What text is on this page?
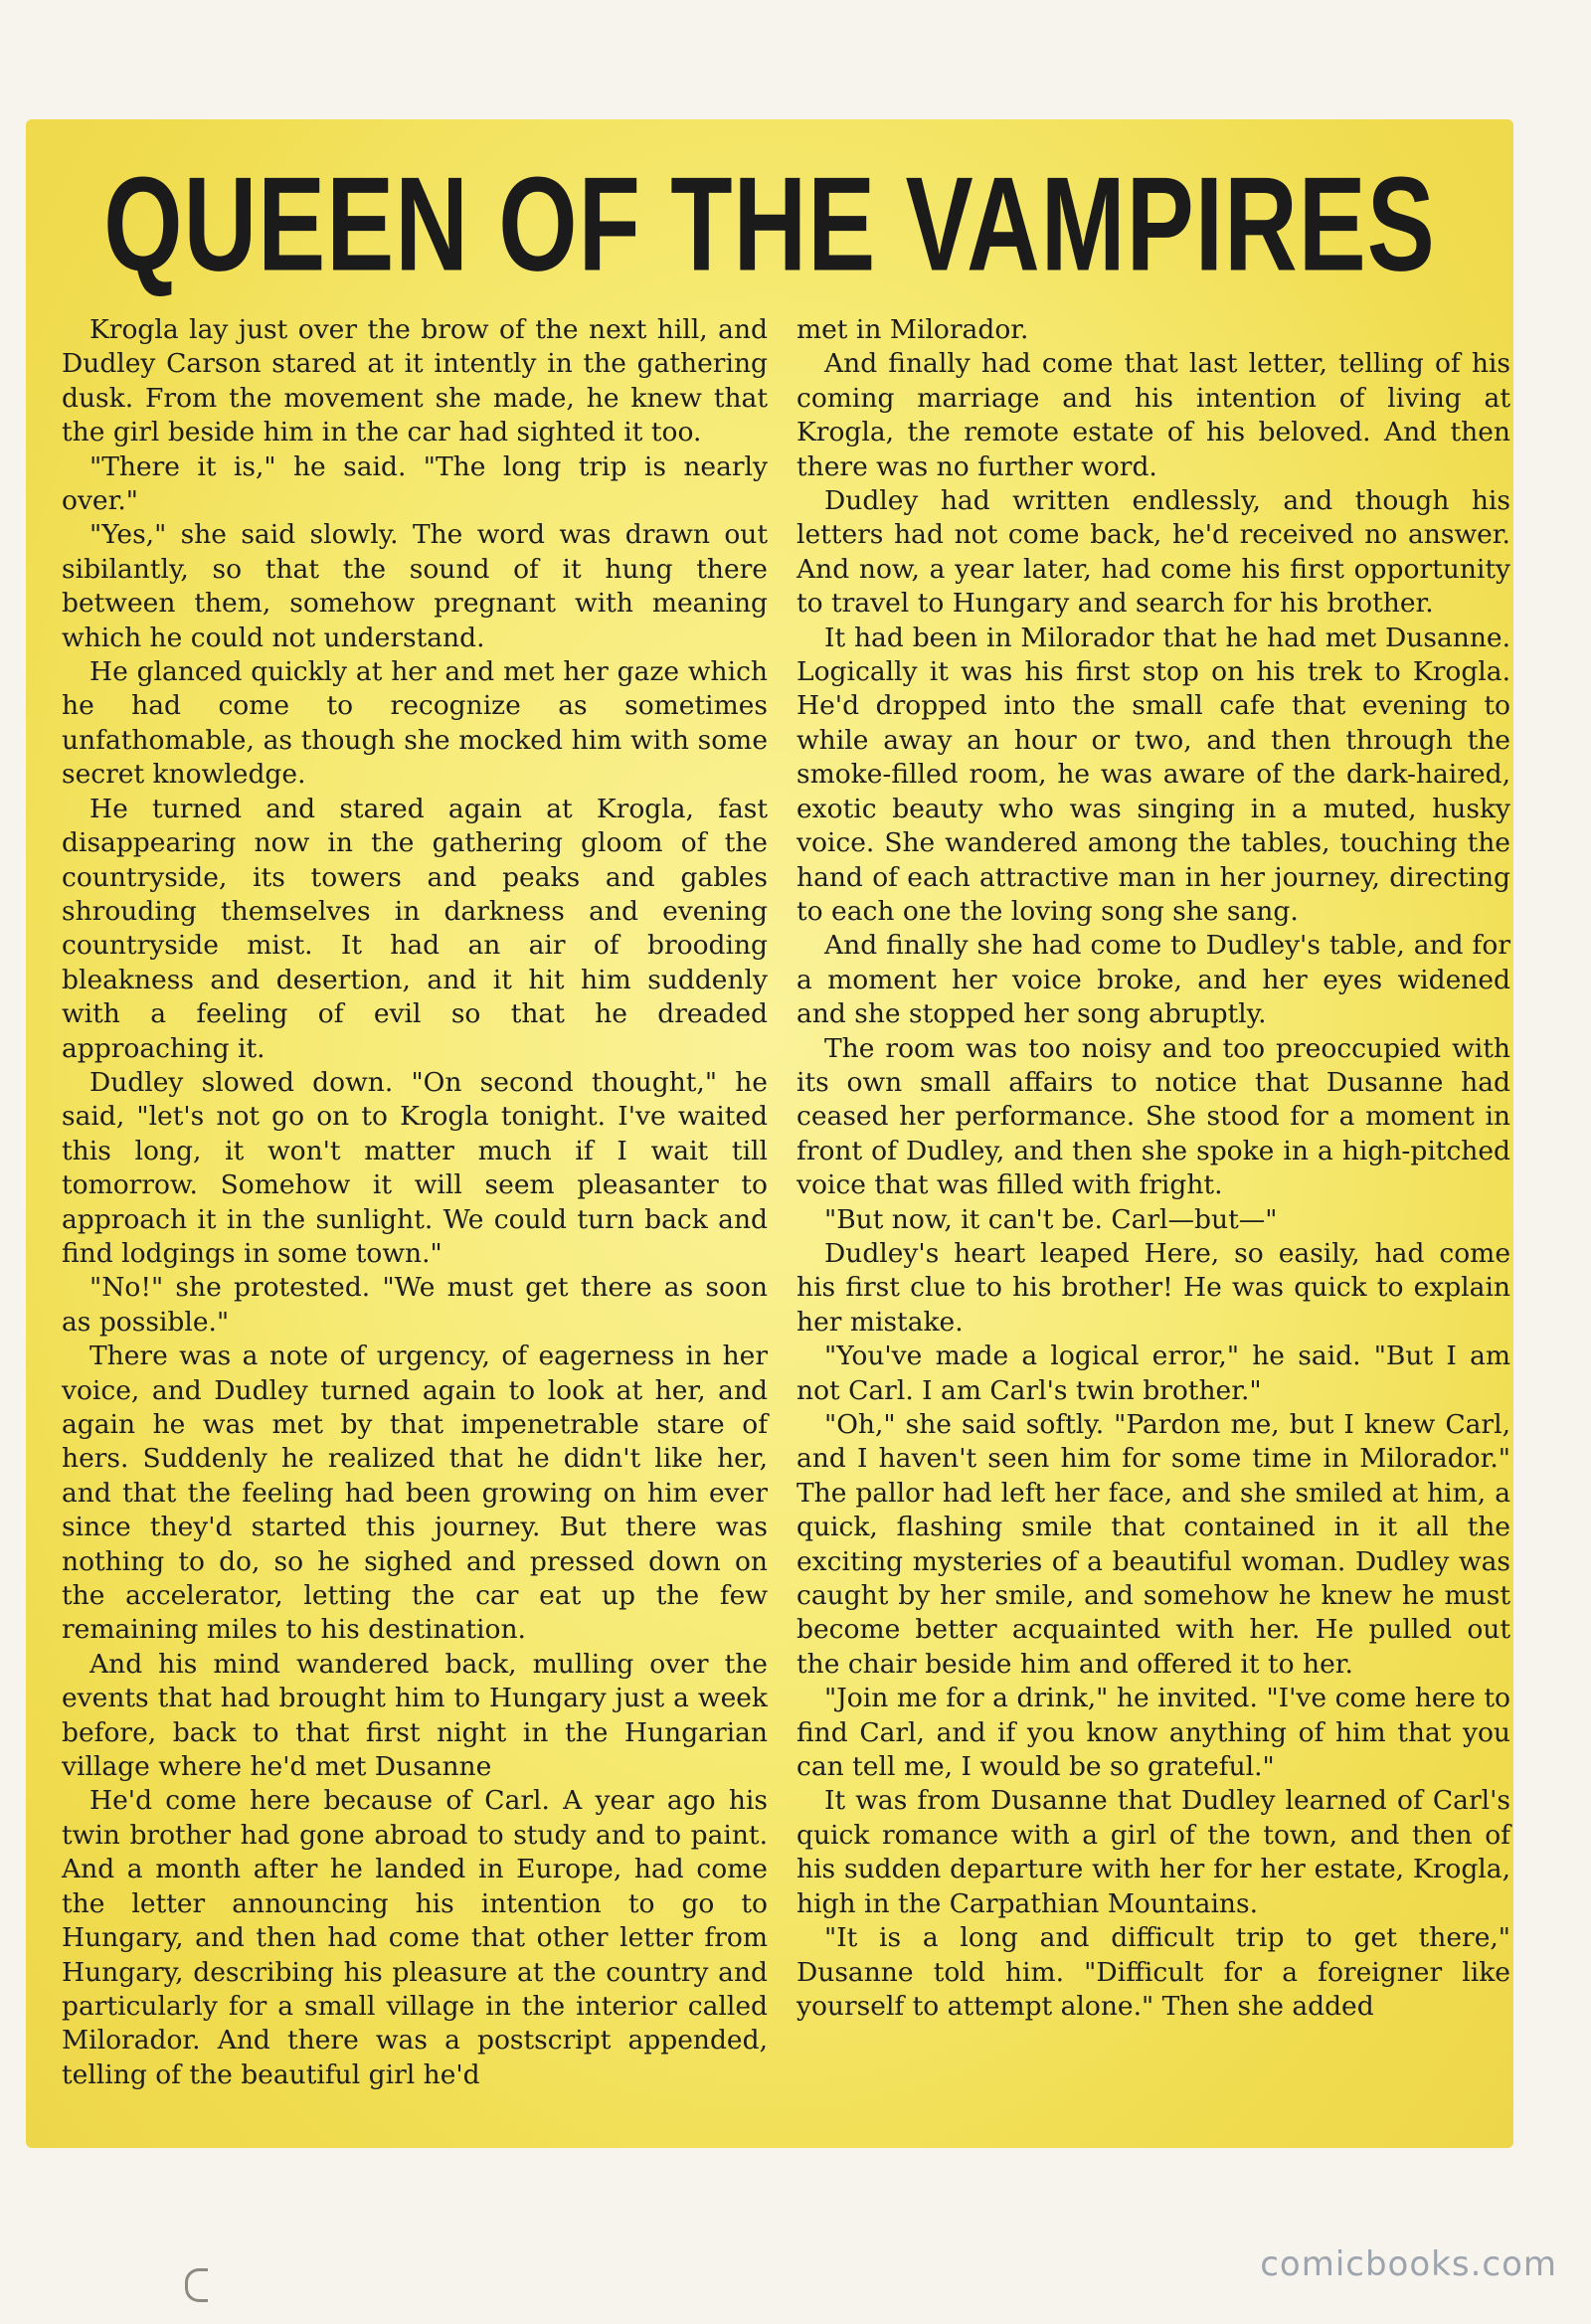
QUEEN OF THE VAMPIRES

Krogla lay just over the brow of the next hill, and Dudley Carson stared at it intently in the gathering dusk. From the movement she made, he knew that the girl beside him in the car had sighted it too.

"There it is," he said. "The long trip is nearly over."

"Yes," she said slowly. The word was drawn out sibilantly, so that the sound of it hung there between them, somehow pregnant with meaning which he could not understand.

He glanced quickly at her and met her gaze which he had come to recognize as sometimes unfathomable, as though she mocked him with some secret knowledge.

He turned and stared again at Krogla, fast disappearing now in the gathering gloom of the countryside, its towers and peaks and gables shrouding themselves in darkness and evening countryside mist. It had an air of brooding bleakness and desertion, and it hit him suddenly with a feeling of evil so that he dreaded approaching it.

Dudley slowed down. "On second thought," he said, "let's not go on to Krogla tonight. I've waited this long, it won't matter much if I wait till tomorrow. Somehow it will seem pleasanter to approach it in the sunlight. We could turn back and find lodgings in some town."

"No!" she protested. "We must get there as soon as possible."

There was a note of urgency, of eagerness in her voice, and Dudley turned again to look at her, and again he was met by that impenetrable stare of hers. Suddenly he realized that he didn't like her, and that the feeling had been growing on him ever since they'd started this journey. But there was nothing to do, so he sighed and pressed down on the accelerator, letting the car eat up the few remaining miles to his destination.

And his mind wandered back, mulling over the events that had brought him to Hungary just a week before, back to that first night in the Hungarian village where he'd met Dusanne

He'd come here because of Carl. A year ago his twin brother had gone abroad to study and to paint. And a month after he landed in Europe, had come the letter announcing his intention to go to Hungary, and then had come that other letter from Hungary, describing his pleasure at the country and particularly for a small village in the interior called Milorador. And there was a postscript appended, telling of the beautiful girl he'd

met in Milorador.

And finally had come that last letter, telling of his coming marriage and his intention of living at Krogla, the remote estate of his beloved. And then there was no further word.

Dudley had written endlessly, and though his letters had not come back, he'd received no answer. And now, a year later, had come his first opportunity to travel to Hungary and search for his brother.

It had been in Milorador that he had met Dusanne. Logically it was his first stop on his trek to Krogla. He'd dropped into the small cafe that evening to while away an hour or two, and then through the smoke-filled room, he was aware of the dark-haired, exotic beauty who was singing in a muted, husky voice. She wandered among the tables, touching the hand of each attractive man in her journey, directing to each one the loving song she sang.

And finally she had come to Dudley's table, and for a moment her voice broke, and her eyes widened and she stopped her song abruptly.

The room was too noisy and too preoccupied with its own small affairs to notice that Dusanne had ceased her performance. She stood for a moment in front of Dudley, and then she spoke in a high-pitched voice that was filled with fright.

"But now, it can't be. Carl—but—"

Dudley's heart leaped Here, so easily, had come his first clue to his brother! He was quick to explain her mistake.

"You've made a logical error," he said. "But I am not Carl. I am Carl's twin brother."

"Oh," she said softly. "Pardon me, but I knew Carl, and I haven't seen him for some time in Milorador." The pallor had left her face, and she smiled at him, a quick, flashing smile that contained in it all the exciting mysteries of a beautiful woman. Dudley was caught by her smile, and somehow he knew he must become better acquainted with her. He pulled out the chair beside him and offered it to her.

"Join me for a drink," he invited. "I've come here to find Carl, and if you know anything of him that you can tell me, I would be so grateful."

It was from Dusanne that Dudley learned of Carl's quick romance with a girl of the town, and then of his sudden departure with her for her estate, Krogla, high in the Carpathian Mountains.

"It is a long and difficult trip to get there," Dusanne told him. "Difficult for a foreigner like yourself to attempt alone." Then she added

comicbooks.com
